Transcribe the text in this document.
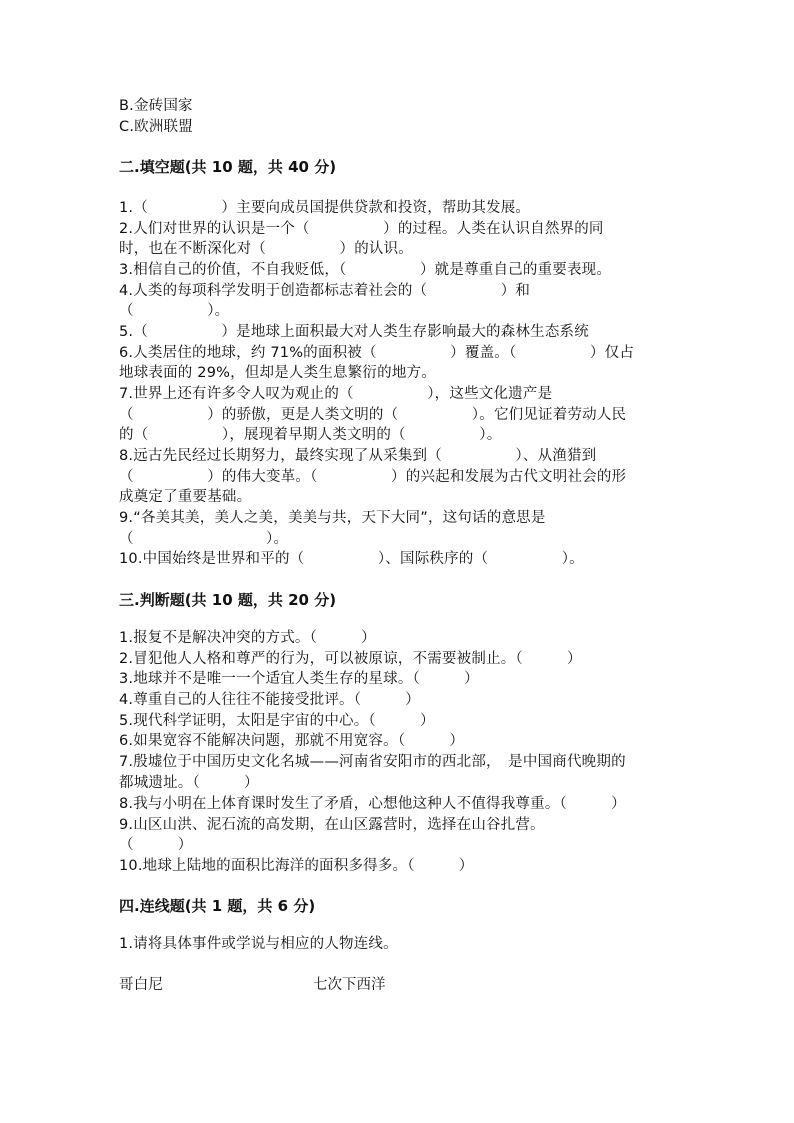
B.金砖国家
C.欧洲联盟
二.填空题(共 10 题，共 40 分)
1.（　　　　　）主要向成员国提供贷款和投资，帮助其发展。
2.人们对世界的认识是一个（　　　　　）的过程。人类在认识自然界的同
时，也在不断深化对（　　　　　）的认识。
3.相信自己的价值，不自我贬低，（　　　　　）就是尊重自己的重要表现。
4.人类的每项科学发明于创造都标志着社会的（　　　　　）和
（　　　　　）。
5.（　　　　　）是地球上面积最大对人类生存影响最大的森林生态系统
6.人类居住的地球，约 71%的面积被（　　　　　）覆盖。（　　　　　）仅占
地球表面的 29%，但却是人类生息繁衍的地方。
7.世界上还有许多令人叹为观止的（　　　　　），这些文化遗产是
（　　　　　）的骄傲，更是人类文明的（　　　　　）。它们见证着劳动人民
的（　　　　　），展现着早期人类文明的（　　　　　）。
8.远古先民经过长期努力，最终实现了从采集到（　　　　　）、从渔猎到
（　　　　　）的伟大变革。（　　　　　）的兴起和发展为古代文明社会的形
成奠定了重要基础。
9.“各美其美，美人之美，美美与共，天下大同”，这句话的意思是
（　　　　　　　　　）。
10.中国始终是世界和平的（　　　　　）、国际秩序的（　　　　　）。
三.判断题(共 10 题，共 20 分)
1.报复不是解决冲突的方式。（　　　）
2.冒犯他人人格和尊严的行为，可以被原谅，不需要被制止。（　　　）
3.地球并不是唯一一个适宜人类生存的星球。（　　　）
4.尊重自己的人往往不能接受批评。（　　　）
5.现代科学证明，太阳是宇宙的中心。（　　　）
6.如果宽容不能解决问题，那就不用宽容。（　　　）
7.殷墟位于中国历史文化名城——河南省安阳市的西北部，　是中国商代晚期的
都城遗址。（　　　）
8.我与小明在上体育课时发生了矛盾，心想他这种人不值得我尊重。（　　　）
9.山区山洪、泥石流的高发期，在山区露营时，选择在山谷扎营。
（　　　）
10.地球上陆地的面积比海洋的面积多得多。（　　　）
四.连线题(共 1 题，共 6 分)
1.请将具体事件或学说与相应的人物连线。
哥白尼	七次下西洋
